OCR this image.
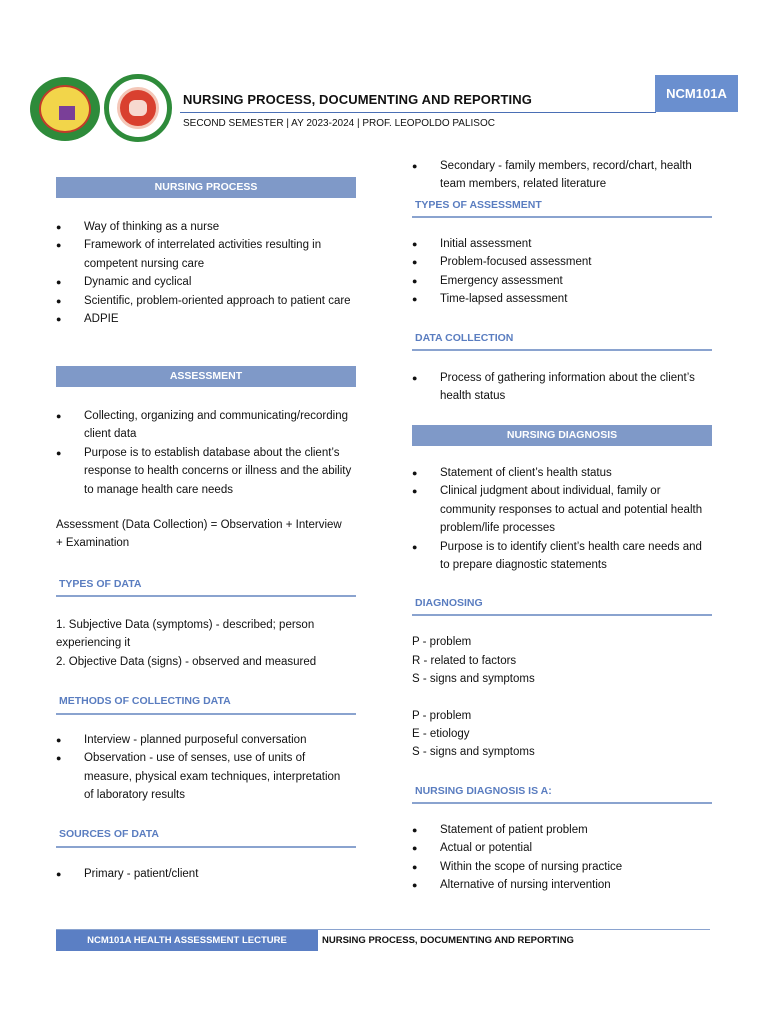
NURSING PROCESS, DOCUMENTING AND REPORTING
SECOND SEMESTER | AY 2023-2024 | PROF. LEOPOLDO PALISOC
NCM101A
NURSING PROCESS
● Way of thinking as a nurse
● Framework of interrelated activities resulting in competent nursing care
● Dynamic and cyclical
● Scientific, problem-oriented approach to patient care
● ADPIE
ASSESSMENT
● Collecting, organizing and communicating/recording client data
● Purpose is to establish database about the client’s response to health concerns or illness and the ability to manage health care needs
Assessment (Data Collection) = Observation + Interview + Examination
TYPES OF DATA
1. Subjective Data (symptoms) - described; person experiencing it
2. Objective Data (signs) - observed and measured
METHODS OF COLLECTING DATA
● Interview - planned purposeful conversation
● Observation - use of senses, use of units of measure, physical exam techniques, interpretation of laboratory results
SOURCES OF DATA
● Primary - patient/client
● Secondary - family members, record/chart, health team members, related literature
TYPES OF ASSESSMENT
● Initial assessment
● Problem-focused assessment
● Emergency assessment
● Time-lapsed assessment
DATA COLLECTION
● Process of gathering information about the client’s health status
NURSING DIAGNOSIS
● Statement of client’s health status
● Clinical judgment about individual, family or community responses to actual and potential health problem/life processes
● Purpose is to identify client’s health care needs and to prepare diagnostic statements
DIAGNOSING
P - problem
R - related to factors
S - signs and symptoms
P - problem
E - etiology
S - signs and symptoms
NURSING DIAGNOSIS IS A:
● Statement of patient problem
● Actual or potential
● Within the scope of nursing practice
● Alternative of nursing intervention
NCM101A HEALTH ASSESSMENT LECTURE	NURSING PROCESS, DOCUMENTING AND REPORTING
